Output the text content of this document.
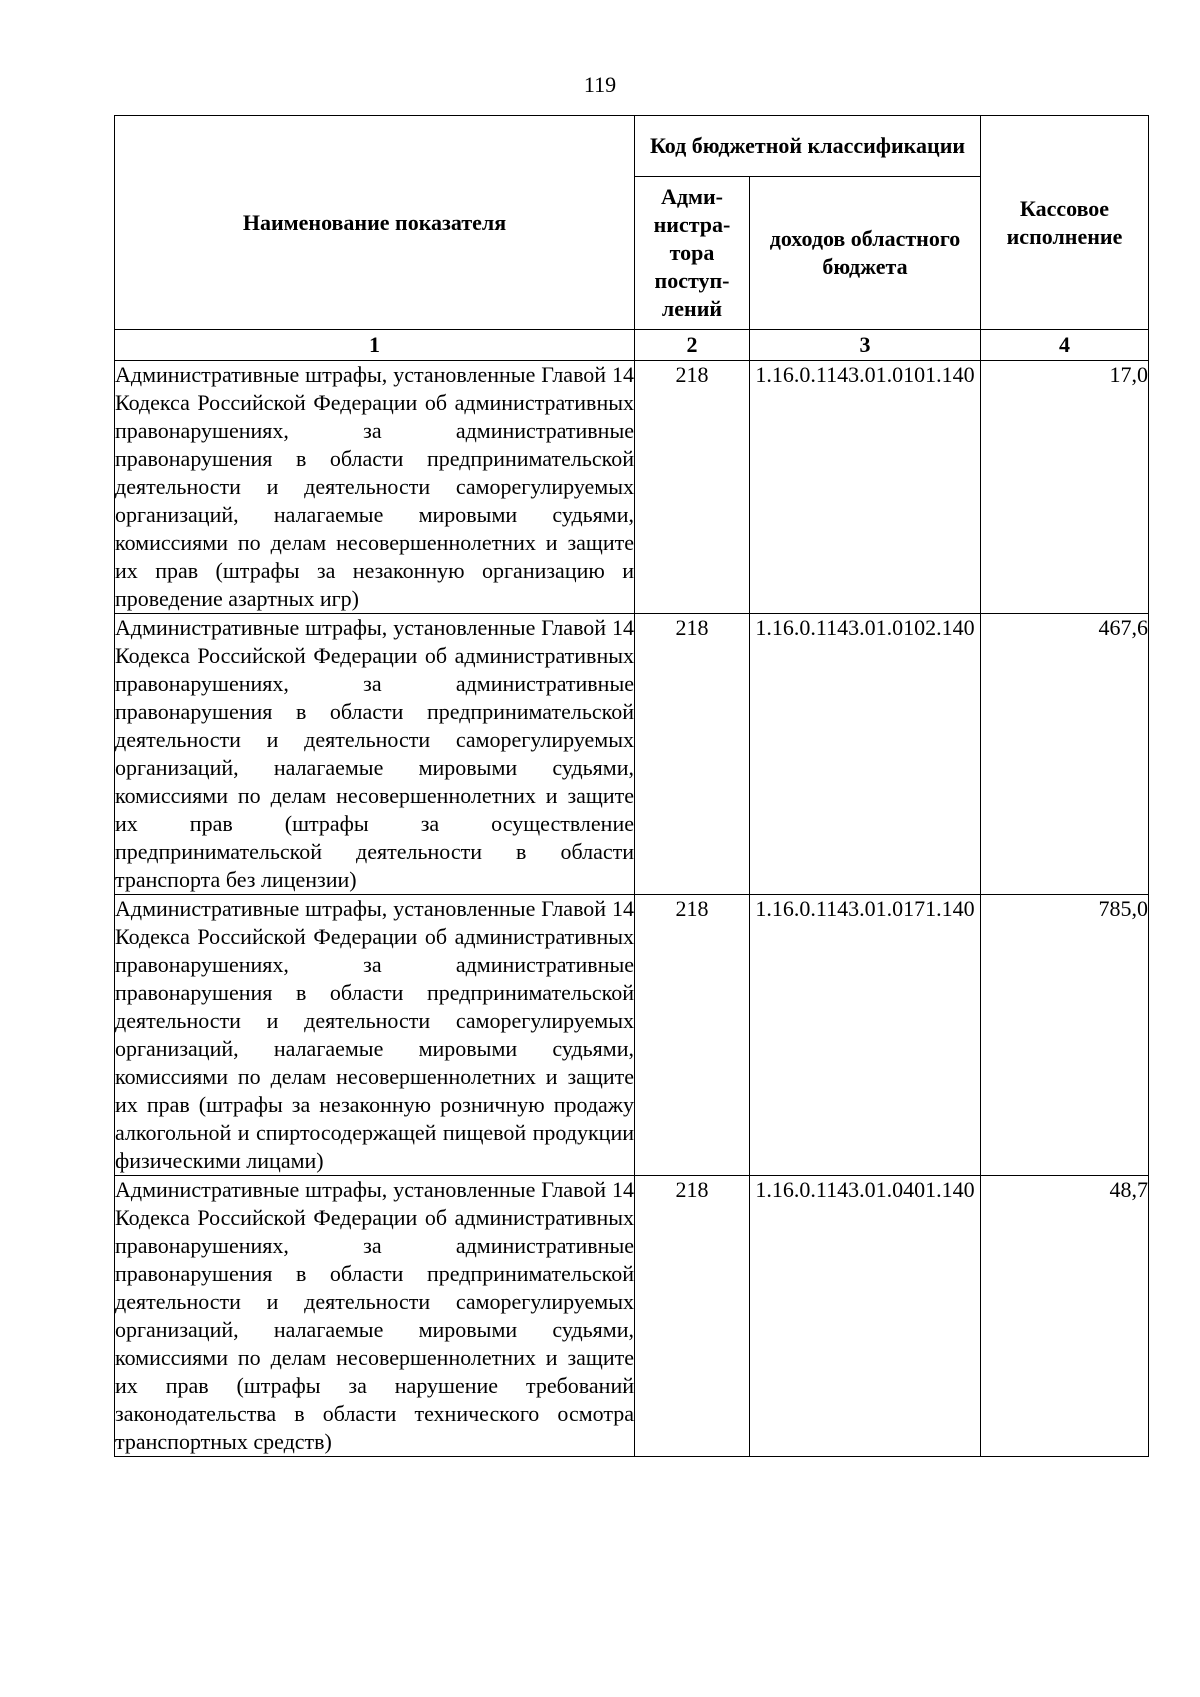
119
Наименование показателя	Код бюджетной классификации		Кассовое исполнение
	Адми-нистра-тора поступ-лений	доходов областного бюджета	
1	2	3	4
Административные штрафы, установленные Главой 14 Кодекса Российской Федерации об административных правонарушениях, за административные правонарушения в области предпринимательской деятельности и деятельности саморегулируемых организаций, налагаемые мировыми судьями, комиссиями по делам несовершеннолетних и защите их прав (штрафы за незаконную организацию и проведение азартных игр)	218	1.16.0.1143.01.0101.140	17,0
Административные штрафы, установленные Главой 14 Кодекса Российской Федерации об административных правонарушениях, за административные правонарушения в области предпринимательской деятельности и деятельности саморегулируемых организаций, налагаемые мировыми судьями, комиссиями по делам несовершеннолетних и защите их прав (штрафы за осуществление предпринимательской деятельности в области транспорта без лицензии)	218	1.16.0.1143.01.0102.140	467,6
Административные штрафы, установленные Главой 14 Кодекса Российской Федерации об административных правонарушениях, за административные правонарушения в области предпринимательской деятельности и деятельности саморегулируемых организаций, налагаемые мировыми судьями, комиссиями по делам несовершеннолетних и защите их прав (штрафы за незаконную розничную продажу алкогольной и спиртосодержащей пищевой продукции физическими лицами)	218	1.16.0.1143.01.0171.140	785,0
Административные штрафы, установленные Главой 14 Кодекса Российской Федерации об административных правонарушениях, за административные правонарушения в области предпринимательской деятельности и деятельности саморегулируемых организаций, налагаемые мировыми судьями, комиссиями по делам несовершеннолетних и защите их прав (штрафы за нарушение требований законодательства в области технического осмотра транспортных средств)	218	1.16.0.1143.01.0401.140	48,7
